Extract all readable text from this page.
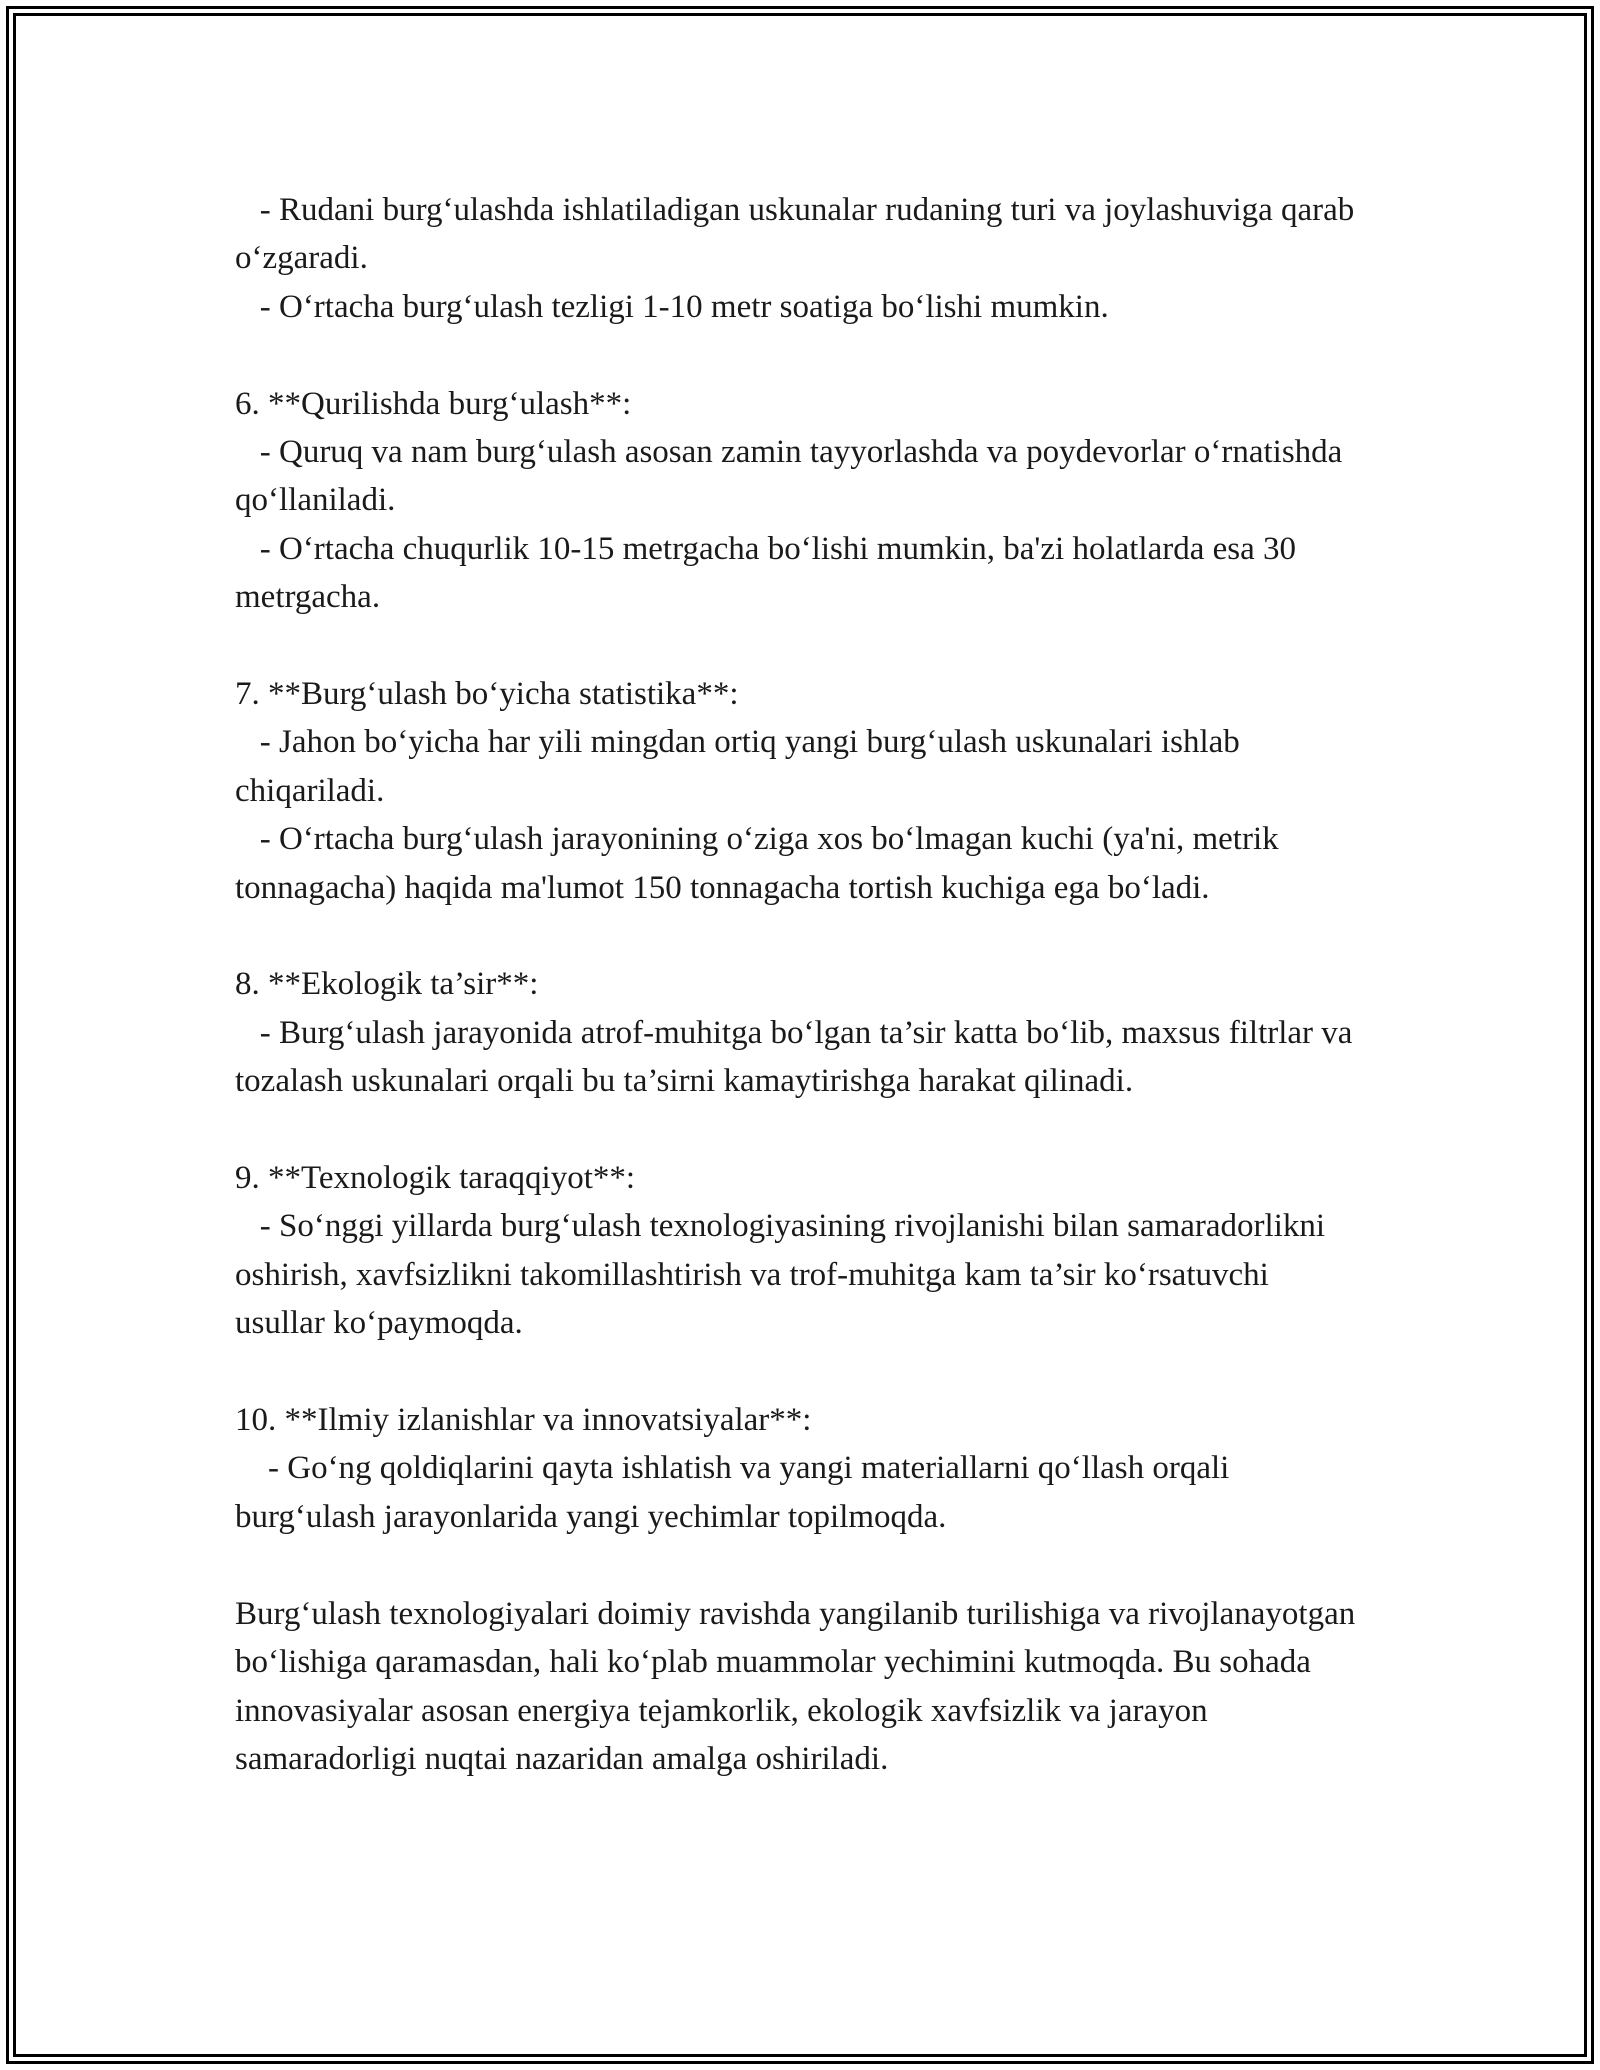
- Rudani burg‘ulashda ishlatiladigan uskunalar rudaning turi va joylashuviga qarab o‘zgaradi.

- O‘rtacha burg‘ulash tezligi 1-10 metr soatiga bo‘lishi mumkin.

6. **Qurilishda burg‘ulash**:

- Quruq va nam burg‘ulash asosan zamin tayyorlashda va poydevorlar o‘rnatishda qo‘llaniladi.

- O‘rtacha chuqurlik 10-15 metrgacha bo‘lishi mumkin, ba'zi holatlarda esa 30 metrgacha.

7. **Burg‘ulash bo‘yicha statistika**:

- Jahon bo‘yicha har yili mingdan ortiq yangi burg‘ulash uskunalari ishlab chiqariladi.

- O‘rtacha burg‘ulash jarayonining o‘ziga xos bo‘lmagan kuchi (ya'ni, metrik tonnagacha) haqida ma'lumot 150 tonnagacha tortish kuchiga ega bo‘ladi.

8. **Ekologik ta’sir**:

- Burg‘ulash jarayonida atrof-muhitga bo‘lgan ta’sir katta bo‘lib, maxsus filtrlar va tozalash uskunalari orqali bu ta’sirni kamaytirishga harakat qilinadi.

9. **Texnologik taraqqiyot**:

- So‘nggi yillarda burg‘ulash texnologiyasining rivojlanishi bilan samaradorlikni oshirish, xavfsizlikni takomillashtirish va trof-muhitga kam ta’sir ko‘rsatuvchi usullar ko‘paymoqda.

10. **Ilmiy izlanishlar va innovatsiyalar**:

- Go‘ng qoldiqlarini qayta ishlatish va yangi materiallarni qo‘llash orqali burg‘ulash jarayonlarida yangi yechimlar topilmoqda.

Burg‘ulash texnologiyalari doimiy ravishda yangilanib turilishiga va rivojlanayotgan bo‘lishiga qaramasdan, hali ko‘plab muammolar yechimini kutmoqda. Bu sohada innovasiyalar asosan energiya tejamkorlik, ekologik xavfsizlik va jarayon samaradorligi nuqtai nazaridan amalga oshiriladi.
